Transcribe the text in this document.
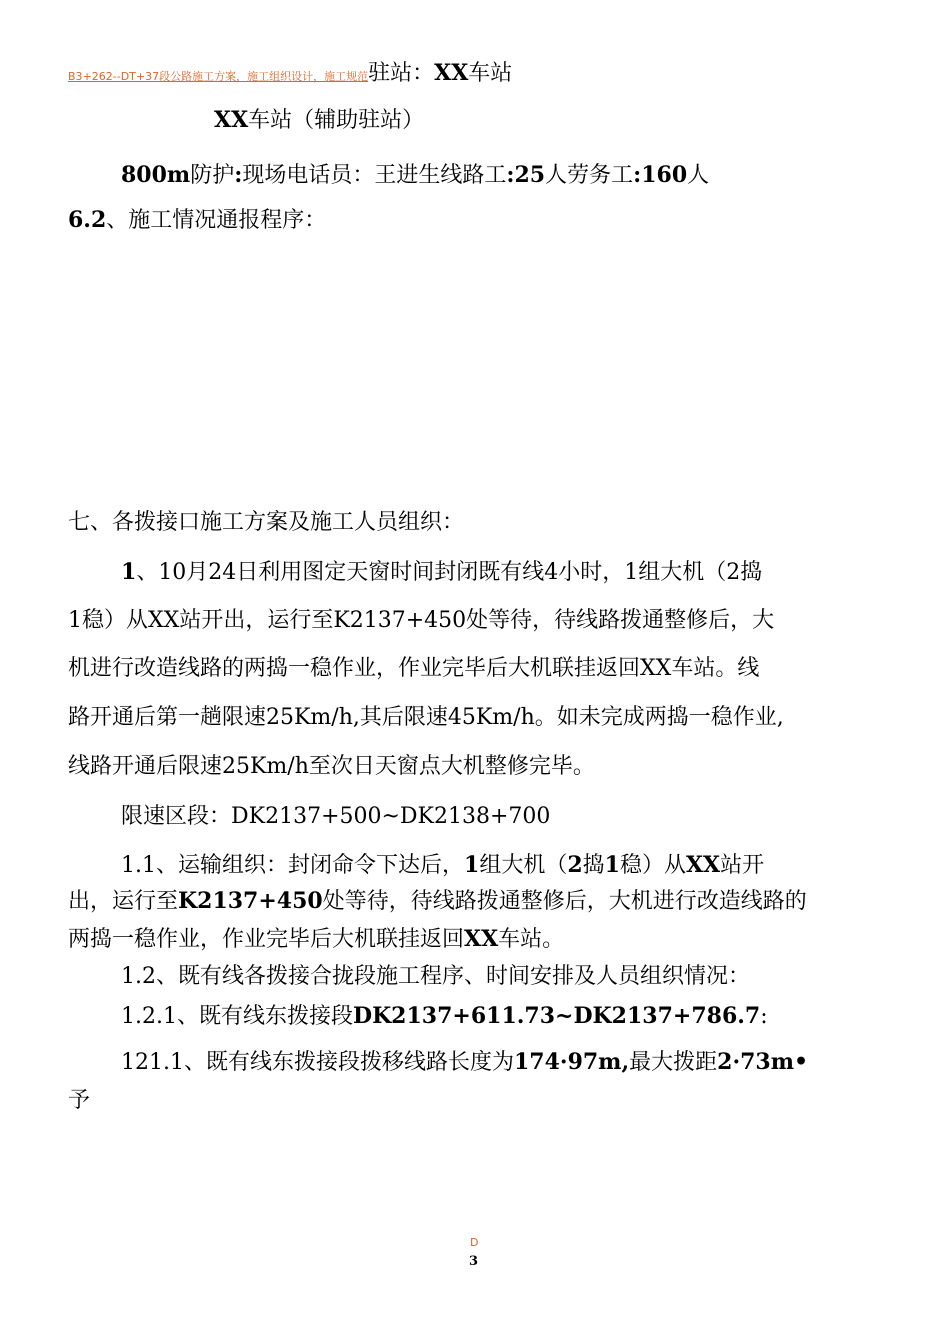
B3+262--DT+37段公路施工方案，施工组织设计，施工规范驻站：XX车站
XX车站（辅助驻站）
800m防护:现场电话员：王进生线路工:25人劳务工:160人
6.2、施工情况通报程序：
七、各拨接口施工方案及施工人员组织：
1、10月24日利用图定天窗时间封闭既有线4小时，1组大机（2捣
1稳）从XX站开出，运行至K2137+450处等待，待线路拨通整修后，大
机进行改造线路的两捣一稳作业，作业完毕后大机联挂返回XX车站。线
路开通后第一趟限速25Km/h,其后限速45Km/h。如未完成两捣一稳作业,
线路开通后限速25Km/h至次日天窗点大机整修完毕。
限速区段：DK2137+500~DK2138+700
1.1、运输组织：封闭命令下达后，1组大机（2捣1稳）从XX站开
出，运行至K2137+450处等待，待线路拨通整修后，大机进行改造线路的
两捣一稳作业，作业完毕后大机联挂返回XX车站。
1.2、既有线各拨接合拢段施工程序、时间安排及人员组织情况：
1.2.1、既有线东拨接段DK2137+611.73~DK2137+786.7:
121.1、既有线东拨接段拨移线路长度为174·97m,最大拨距2·73m•
予
D
3
